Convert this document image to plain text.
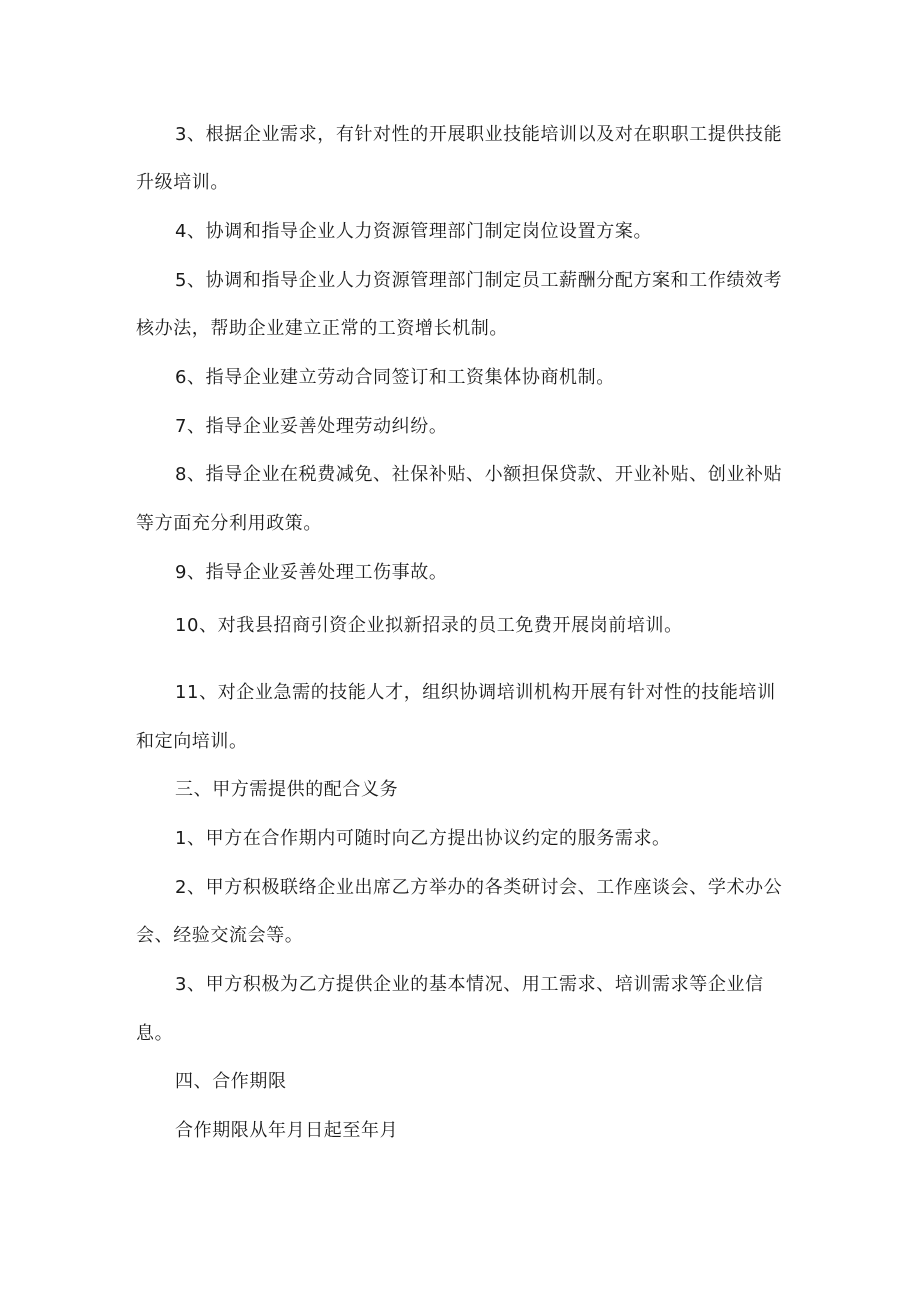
3、根据企业需求，有针对性的开展职业技能培训以及对在职职工提供技能
升级培训。
4、协调和指导企业人力资源管理部门制定岗位设置方案。
5、协调和指导企业人力资源管理部门制定员工薪酬分配方案和工作绩效考
核办法，帮助企业建立正常的工资增长机制。
6、指导企业建立劳动合同签订和工资集体协商机制。
7、指导企业妥善处理劳动纠纷。
8、指导企业在税费减免、社保补贴、小额担保贷款、开业补贴、创业补贴
等方面充分利用政策。
9、指导企业妥善处理工伤事故。
10、对我县招商引资企业拟新招录的员工免费开展岗前培训。
11、对企业急需的技能人才，组织协调培训机构开展有针对性的技能培训
和定向培训。
三、甲方需提供的配合义务
1、甲方在合作期内可随时向乙方提出协议约定的服务需求。
2、甲方积极联络企业出席乙方举办的各类研讨会、工作座谈会、学术办公
会、经验交流会等。
3、甲方积极为乙方提供企业的基本情况、用工需求、培训需求等企业信
息。
四、合作期限
合作期限从年月日起至年月
